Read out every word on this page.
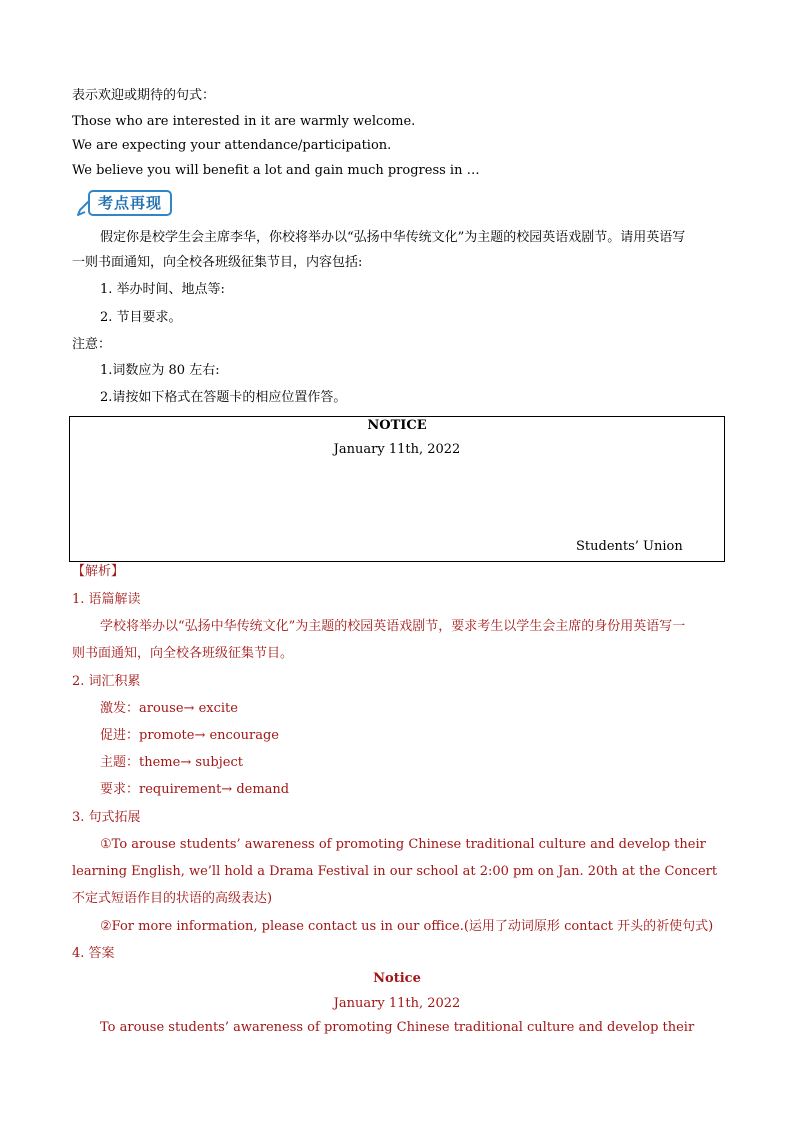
表示欢迎或期待的句式：
Those who are interested in it are warmly welcome.
We are expecting your attendance/participation.
We believe you will benefit a lot and gain much progress in …
考点再现
假定你是校学生会主席李华，你校将举办以“弘扬中华传统文化”为主题的校园英语戏剧节。请用英语写
一则书面通知，向全校各班级征集节目，内容包括:
1. 举办时间、地点等:
2. 节目要求。
注意：
1.词数应为 80 左右:
2.请按如下格式在答题卡的相应位置作答。
NOTICE
January 11th, 2022
Students’ Union
【解析】
1. 语篇解读
学校将举办以“弘扬中华传统文化”为主题的校园英语戏剧节，要求考生以学生会主席的身份用英语写一
则书面通知，向全校各班级征集节目。
2. 词汇积累
激发：arouse→ excite
促进：promote→ encourage
主题：theme→ subject
要求：requirement→ demand
3. 句式拓展
①To arouse students’ awareness of promoting Chinese traditional culture and develop their
learning English, we’ll hold a Drama Festival in our school at 2:00 pm on Jan. 20th at the Concert
不定式短语作目的状语的高级表达)
②For more information, please contact us in our office.(运用了动词原形 contact 开头的祈使句式)
4. 答案
Notice
January 11th, 2022
To arouse students’ awareness of promoting Chinese traditional culture and develop their
